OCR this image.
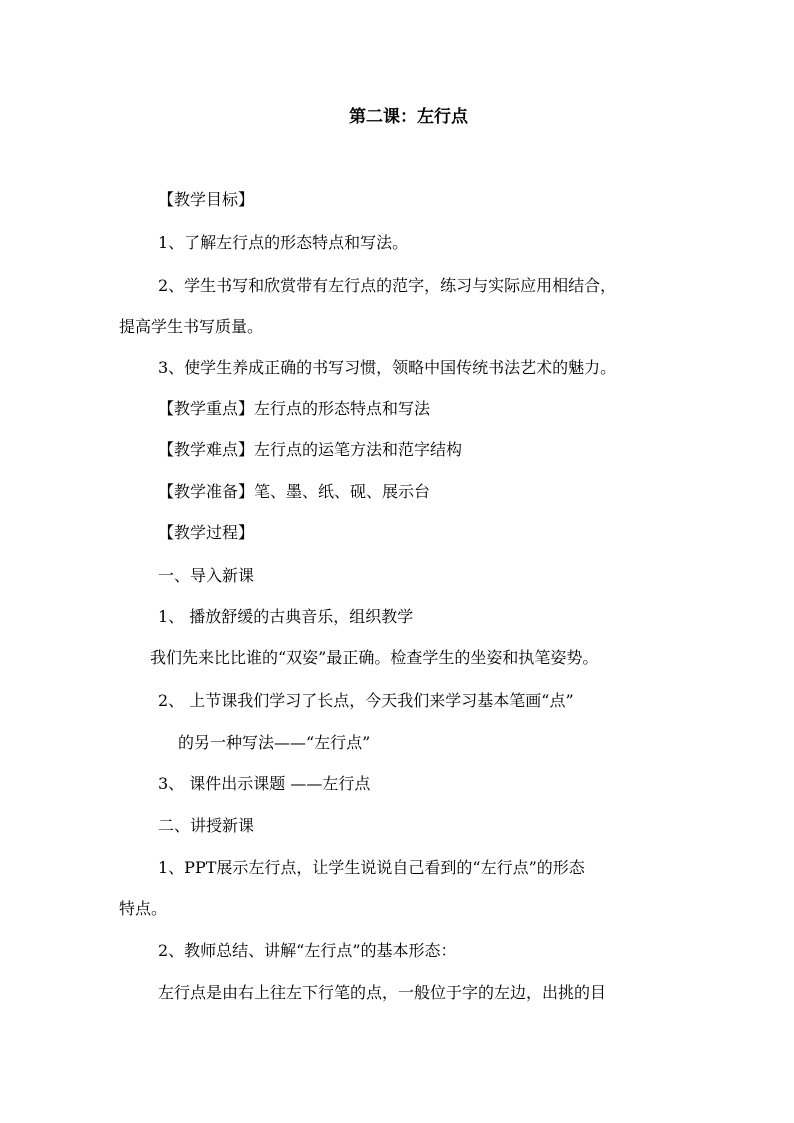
第二课：左行点
【教学目标】
1、了解左行点的形态特点和写法。
2、学生书写和欣赏带有左行点的范字，练习与实际应用相结合，
提高学生书写质量。
3、使学生养成正确的书写习惯，领略中国传统书法艺术的魅力。
【教学重点】左行点的形态特点和写法
【教学难点】左行点的运笔方法和范字结构
【教学准备】笔、墨、纸、砚、展示台
【教学过程】
一、导入新课
1、 播放舒缓的古典音乐，组织教学
我们先来比比谁的“双姿”最正确。检查学生的坐姿和执笔姿势。
2、 上节课我们学习了长点，今天我们来学习基本笔画“点”
的另一种写法——“左行点”
3、 课件出示课题 ——左行点
二、讲授新课
1、PPT展示左行点，让学生说说自己看到的“左行点”的形态
特点。
2、教师总结、讲解“左行点”的基本形态：
左行点是由右上往左下行笔的点，一般位于字的左边，出挑的目
